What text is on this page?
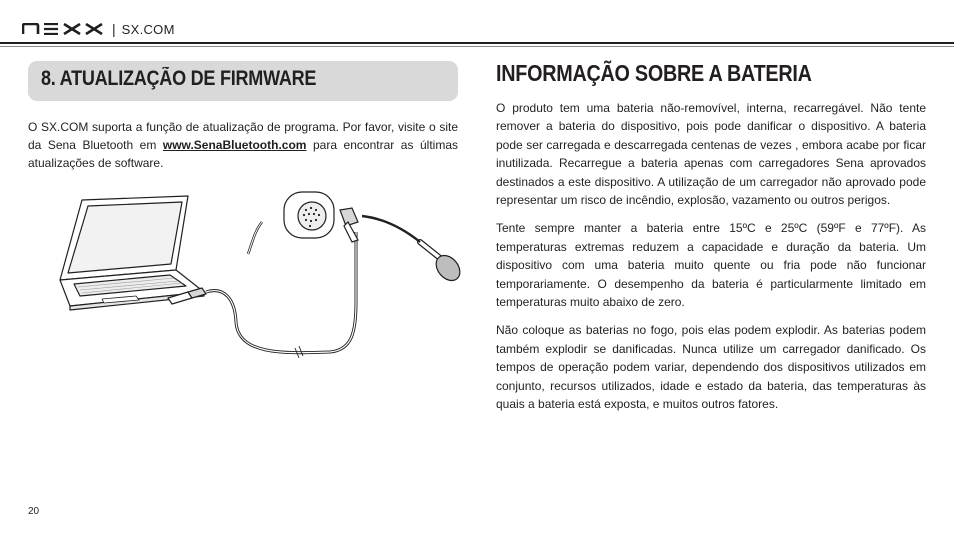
| SX.COM
8. ATUALIZAÇÃO DE FIRMWARE
O SX.COM suporta a função de atualização de programa. Por favor, visite o site da Sena Bluetooth em www.SenaBluetooth.com para encontrar as últimas atualizações de software.
INFORMAÇÃO SOBRE A BATERIA

O produto tem uma bateria não-removível, interna, recarregável. Não tente remover a bateria do dispositivo, pois pode danificar o dispositivo. A bateria pode ser carregada e descarregada centenas de vezes , embora acabe por ficar inutilizada. Recarregue a bateria apenas com carregadores Sena aprovados destinados a este dispositivo. A utilização de um carregador não aprovado pode representar um risco de incêndio, explosão, vazamento ou outros perigos.

Tente sempre manter a bateria entre 15ºC e 25ºC (59ºF e 77ºF). As temperaturas extremas reduzem a capacidade e duração da bateria. Um dispositivo com uma bateria muito quente ou fria pode não funcionar temporariamente. O desempenho da bateria é particularmente limitado em temperaturas muito abaixo de zero.

Não coloque as baterias no fogo, pois elas podem explodir. As baterias podem também explodir se danificadas. Nunca utilize um carregador danificado. Os tempos de operação podem variar, dependendo dos dispositivos utilizados em conjunto, recursos utilizados, idade e estado da bateria, das temperaturas às quais a bateria está exposta, e muitos outros fatores.

20
